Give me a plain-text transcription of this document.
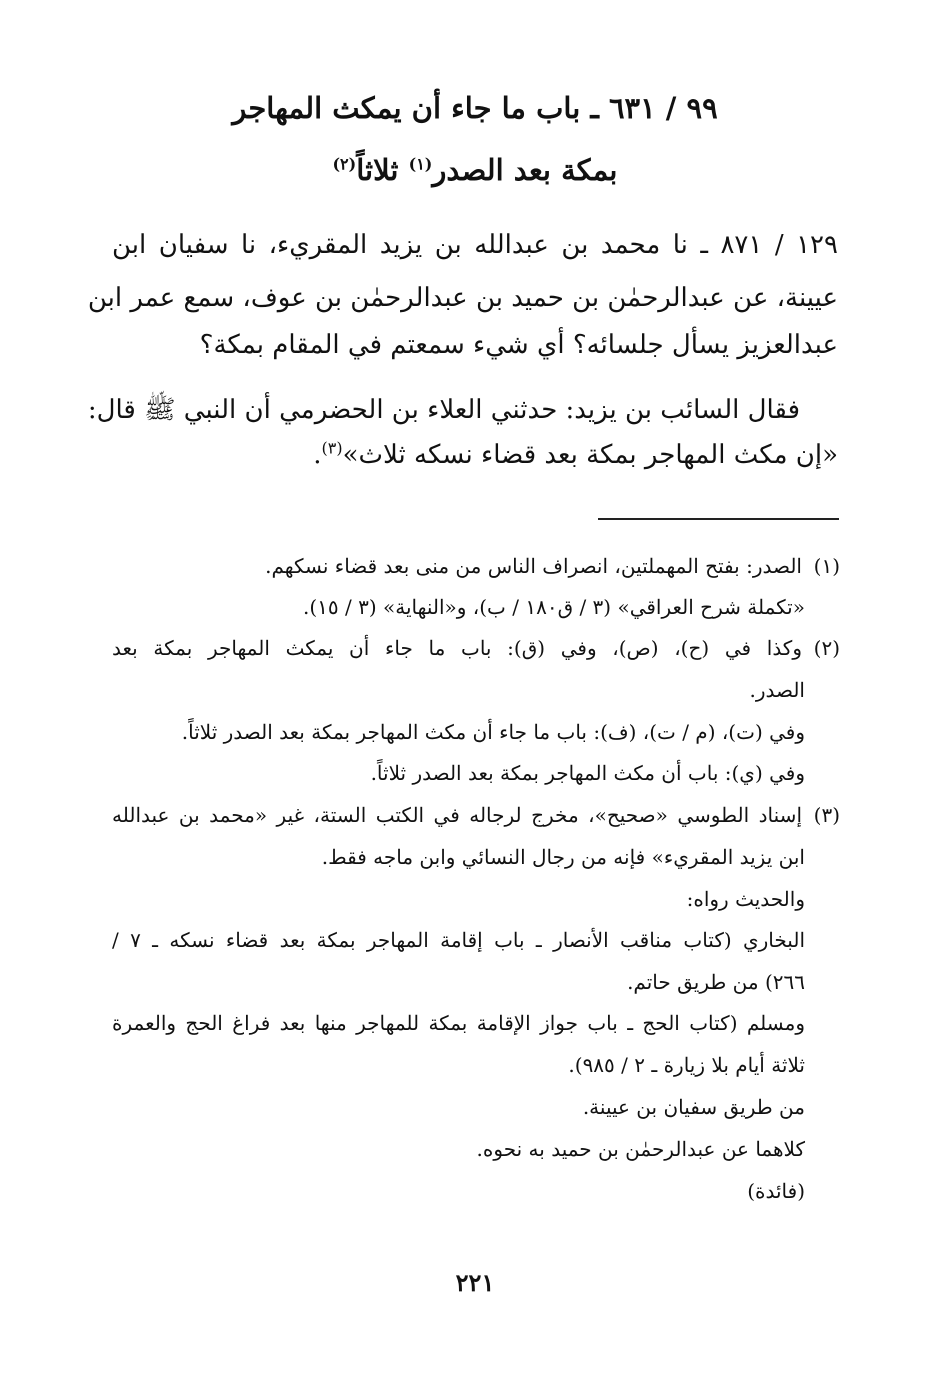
٩٩ / ٦٣١ ـ باب ما جاء أن يمكث المهاجر
بمكة بعد الصدر$^{(١)}$ ثلاثاً$^{(٢)}$
١٢٩ / ٨٧١ ـ نا محمد بن عبدالله بن يزيد المقريء، نا سفيان ابن
عيينة، عن عبدالرحمٰن بن حميد بن عبدالرحمٰن بن عوف، سمع عمر ابن
عبدالعزيز يسأل جلسائه؟ أي شيء سمعتم في المقام بمكة؟
فقال السائب بن يزيد: حدثني العلاء بن الحضرمي أن النبي ﷺ قال:
«إن مكث المهاجر بمكة بعد قضاء نسكه ثلاث»$^{(٣)}$.
(١)الصدر: بفتح المهملتين، انصراف الناس من منى بعد قضاء نسكهم.
«تكملة شرح العراقي» (٣ / ق١٨٠ / ب)، و«النهاية» (٣ / ١٥).
(٢)وكذا في (ح)، (ص)، وفي (ق): باب ما جاء أن يمكث المهاجر بمكة بعد
الصدر.
وفي (ت)، (م / ت)، (ف): باب ما جاء أن مكث المهاجر بمكة بعد الصدر ثلاثاً.
وفي (ي): باب أن مكث المهاجر بمكة بعد الصدر ثلاثاً.
(٣)إسناد الطوسي «صحيح»، مخرج لرجاله في الكتب الستة، غير «محمد بن عبدالله
ابن يزيد المقريء» فإنه من رجال النسائي وابن ماجه فقط.
والحديث رواه:
البخاري (كتاب مناقب الأنصار ـ باب إقامة المهاجر بمكة بعد قضاء نسكه ـ ٧ /
٢٦٦) من طريق حاتم.
ومسلم (كتاب الحج ـ باب جواز الإقامة بمكة للمهاجر منها بعد فراغ الحج والعمرة
ثلاثة أيام بلا زيارة ـ ٢ / ٩٨٥).
من طريق سفيان بن عيينة.
كلاهما عن عبدالرحمٰن بن حميد به نحوه.
(فائدة)
٢٢١
